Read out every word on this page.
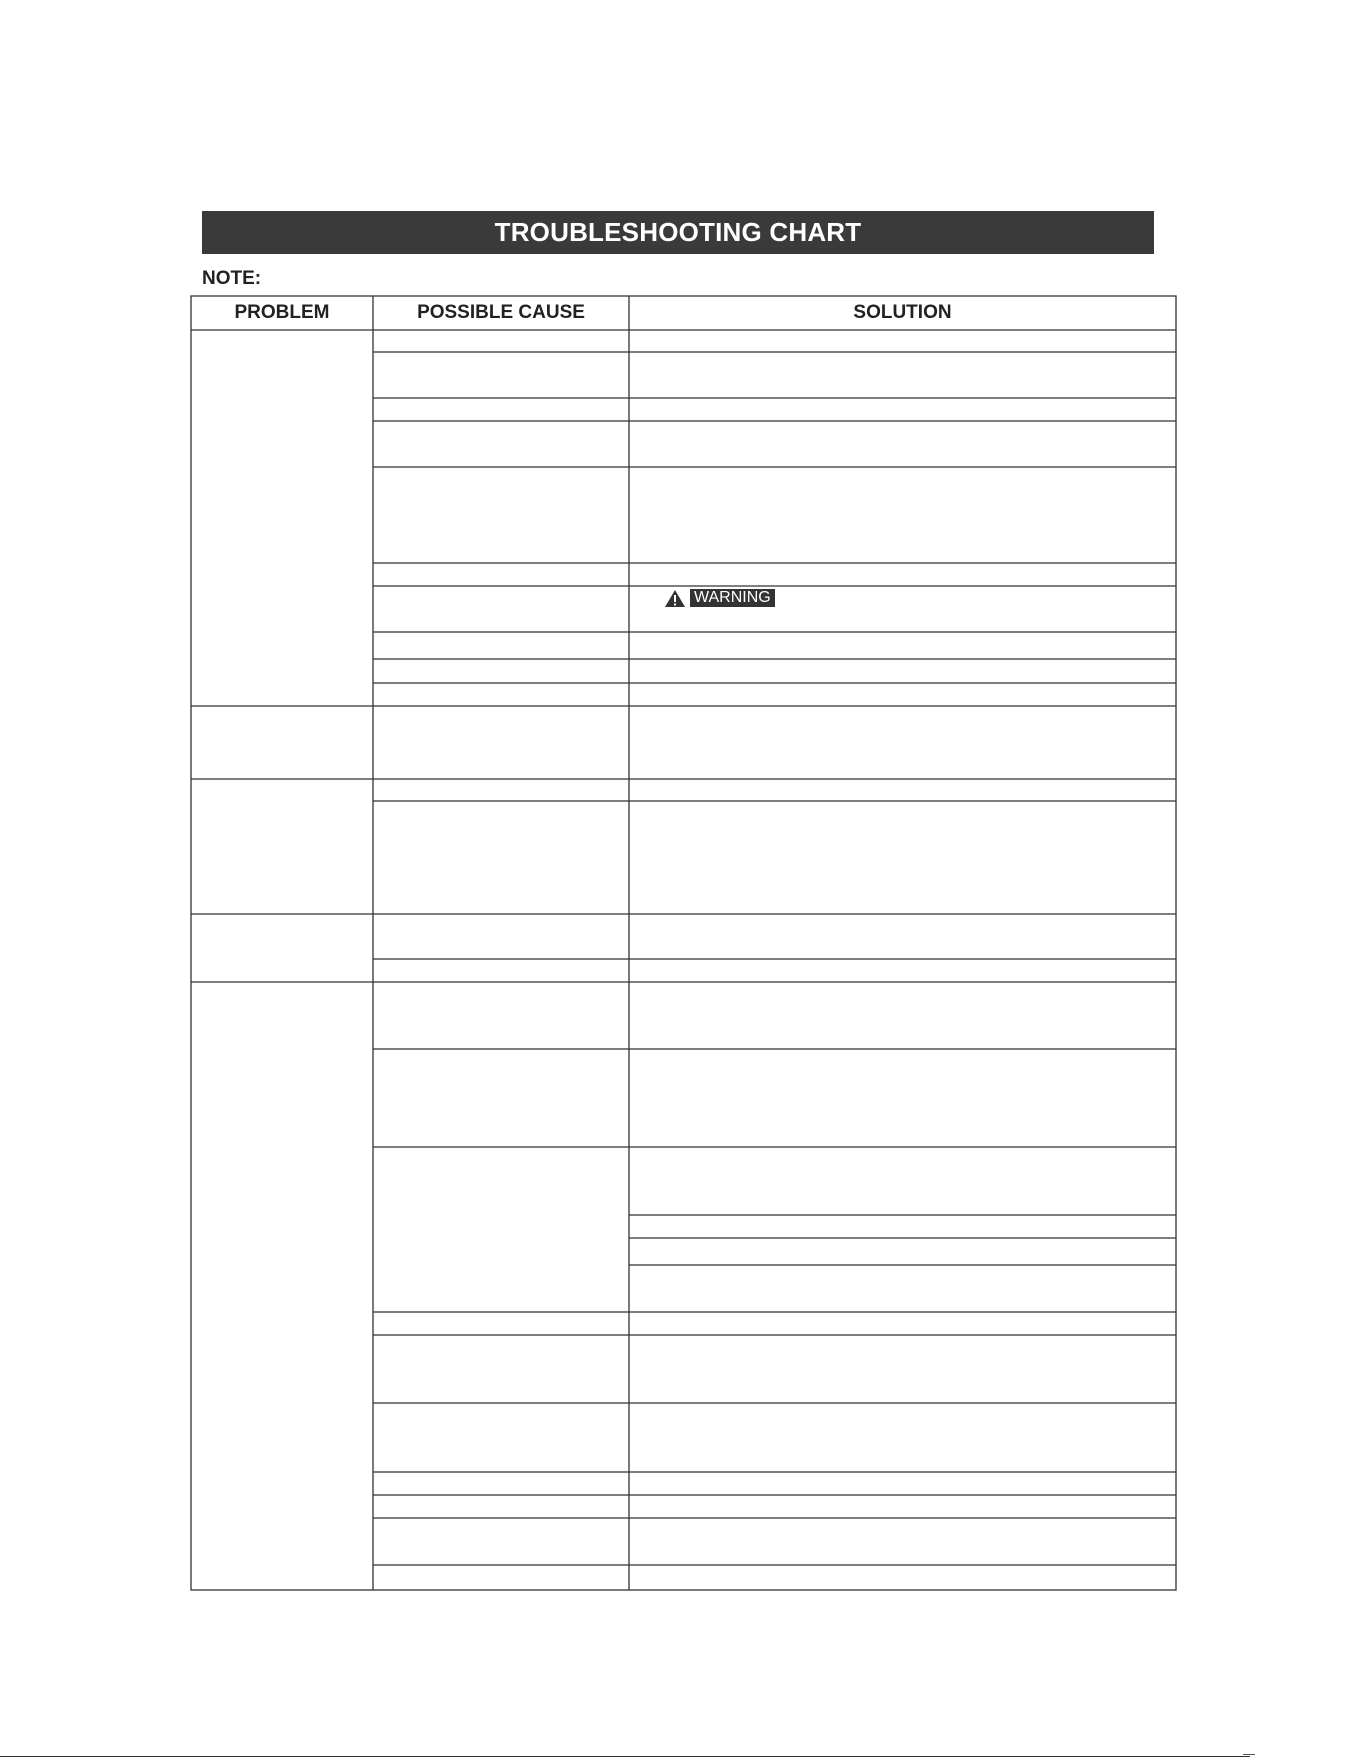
TROUBLESHOOTING CHART
NOTE:
PROBLEM	POSSIBLE CAUSE	SOLUTION
WARNING
